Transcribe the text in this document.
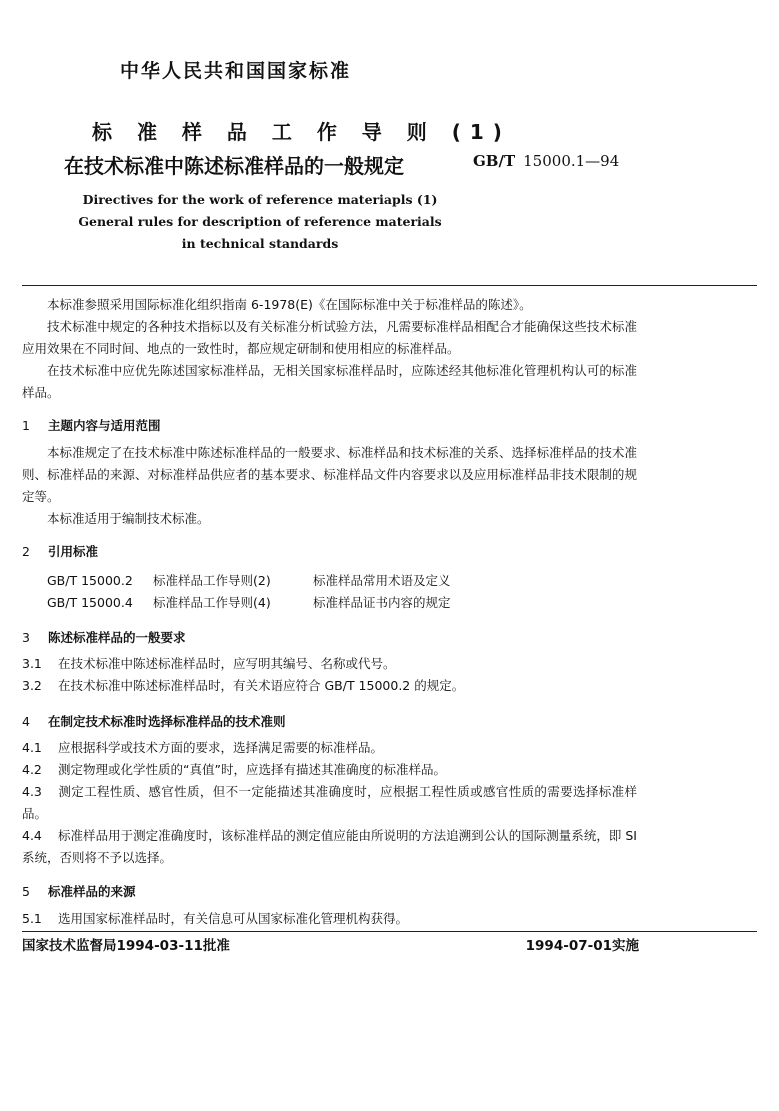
中华人民共和国国家标准
标 准 样 品 工 作 导 则 (1)
在技术标准中陈述标准样品的一般规定	GB/T 15000.1—94
Directives for the work of reference materiapls (1)
General rules for description of reference materials
in technical standards
本标准参照采用国际标准化组织指南 6-1978(E)《在国际标准中关于标准样品的陈述》。
技术标准中规定的各种技术指标以及有关标准分析试验方法，凡需要标准样品相配合才能确保这些技术标准应用效果在不同时间、地点的一致性时，都应规定研制和使用相应的标准样品。
在技术标准中应优先陈述国家标准样品，无相关国家标准样品时，应陈述经其他标准化管理机构认可的标准样品。
1 主题内容与适用范围
本标准规定了在技术标准中陈述标准样品的一般要求、标准样品和技术标准的关系、选择标准样品的技术准则、标准样品的来源、对标准样品供应者的基本要求、标准样品文件内容要求以及应用标准样品非技术限制的规定等。
本标准适用于编制技术标准。
2 引用标准
GB/T 15000.2 标准样品工作导则(2)	标准样品常用术语及定义
GB/T 15000.4 标准样品工作导则(4)	标准样品证书内容的规定
3 陈述标准样品的一般要求
3.1 在技术标准中陈述标准样品时，应写明其编号、名称或代号。
3.2 在技术标准中陈述标准样品时，有关术语应符合 GB/T 15000.2 的规定。
4 在制定技术标准时选择标准样品的技术准则
4.1 应根据科学或技术方面的要求，选择满足需要的标准样品。
4.2 测定物理或化学性质的“真值”时，应选择有描述其准确度的标准样品。
4.3 测定工程性质、感官性质，但不一定能描述其准确度时，应根据工程性质或感官性质的需要选择标准样品。
4.4 标准样品用于测定准确度时，该标准样品的测定值应能由所说明的方法追溯到公认的国际测量系统，即 SI 系统，否则将不予以选择。
5 标准样品的来源
5.1 选用国家标准样品时，有关信息可从国家标准化管理机构获得。
国家技术监督局1994-03-11批准	1994-07-01实施
